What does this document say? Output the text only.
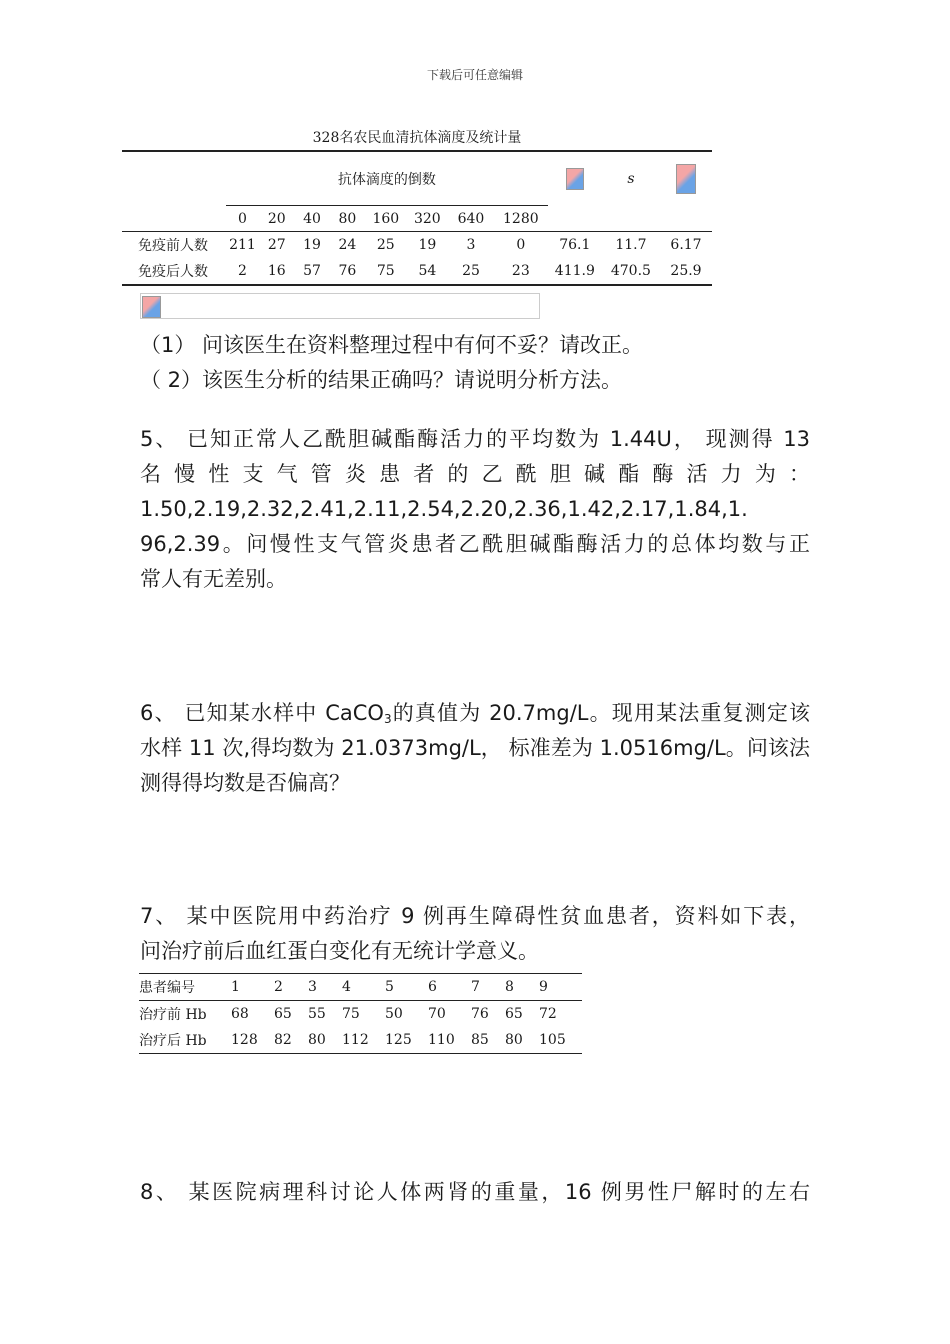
下载后可任意编辑
328名农民血清抗体滴度及统计量
	抗体滴度的倒数									s	
	0	20	40	80	160	320	640	1280			
免疫前人数	211	27	19	24	25	19	3	0	76.1	11.7	6.17
免疫后人数	2	16	57	76	75	54	25	23	411.9	470.5	25.9
（1） 问该医生在资料整理过程中有何不妥？请改正。
（ 2）该医生分析的结果正确吗？请说明分析方法。
5、 已知正常人乙酰胆碱酯酶活力的平均数为 1.44U， 现测得 13
名慢性支气管炎患者的乙酰胆碱酯酶活力为：
1.50,2.19,2.32,2.41,2.11,2.54,2.20,2.36,1.42,2.17,1.84,1.
96,2.39。问慢性支气管炎患者乙酰胆碱酯酶活力的总体均数与正
常人有无差别。
6、 已知某水样中 CaCO$_3$的真值为 20.7mg/L。现用某法重复测定该
水样 11 次,得均数为 21.0373mg/L， 标准差为 1.0516mg/L。问该法
测得得均数是否偏高？
7、 某中医院用中药治疗 9 例再生障碍性贫血患者，资料如下表，
问治疗前后血红蛋白变化有无统计学意义。
患者编号	1	2	3	4	5	6	7	8	9
治疗前 Hb	68	65	55	75	50	70	76	65	72
治疗后 Hb	128	82	80	112	125	110	85	80	105
8、 某医院病理科讨论人体两肾的重量，16 例男性尸解时的左右
